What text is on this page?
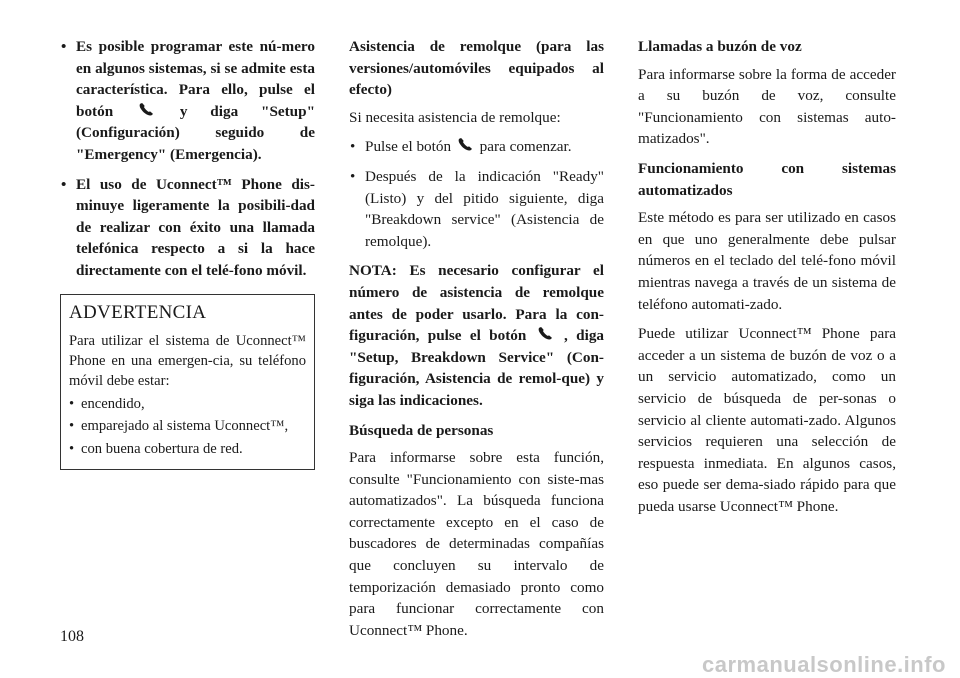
• Es posible programar este nú-mero en algunos sistemas, si se admite esta característica. Para ello, pulse el botón	y diga "Setup" (Configuración) seguido de "Emergency" (Emergencia).
• El uso de Uconnect™ Phone dis-minuye ligeramente la posibili-dad de realizar con éxito una llamada telefónica respecto a si la hace directamente con el telé-fono móvil.
ADVERTENCIA

Para utilizar el sistema de Uconnect™ Phone en una emergen-cia, su teléfono móvil debe estar:

• encendido,
• emparejado al sistema Uconnect™,
• con buena cobertura de red.

Asistencia de remolque (para las versiones/automóviles equipados al efecto)

Si necesita asistencia de remolque:

• Pulse el botón para comenzar.
• Después de la indicación "Ready" (Listo) y del pitido siguiente, diga "Breakdown service" (Asistencia de remolque).

NOTA: Es necesario configurar el número de asistencia de remolque antes de poder usarlo. Para la con-figuración, pulse el botón , diga "Setup, Breakdown Service" (Con-figuración, Asistencia de remol-que) y siga las indicaciones.

Búsqueda de personas

Para informarse sobre esta función, consulte "Funcionamiento con siste-mas automatizados". La búsqueda funciona correctamente excepto en el caso de buscadores de determinadas compañías que concluyen su intervalo de temporización demasiado pronto como para funcionar correctamente con Uconnect™ Phone.

Llamadas a buzón de voz

Para informarse sobre la forma de acceder a su buzón de voz, consulte "Funcionamiento con sistemas auto-matizados".

Funcionamiento con sistemas automatizados

Este método es para ser utilizado en casos en que uno generalmente debe pulsar números en el teclado del telé-fono móvil mientras navega a través de un sistema de teléfono automati-zado.

Puede utilizar Uconnect™ Phone para acceder a un sistema de buzón de voz o a un servicio automatizado, como un servicio de búsqueda de per-sonas o servicio al cliente automati-zado. Algunos servicios requieren una selección de respuesta inmediata. En algunos casos, eso puede ser dema-siado rápido para que pueda usarse Uconnect™ Phone.

108
carmanualsonline.info
